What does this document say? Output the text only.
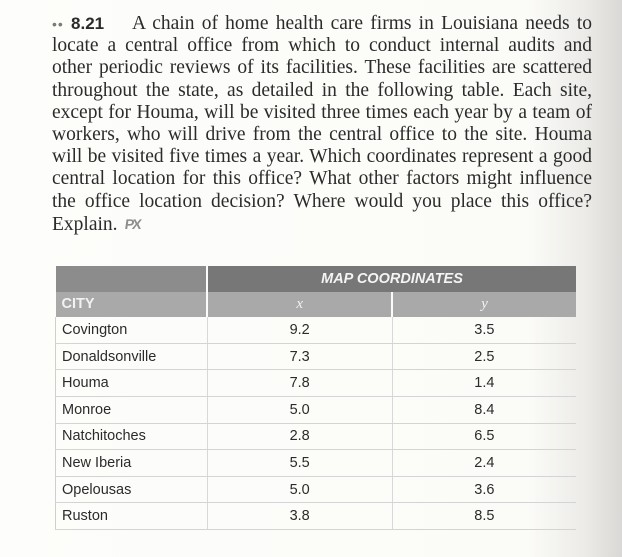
•• 8.21 A chain of home health care firms in Louisiana needs to locate a central office from which to conduct internal audits and other periodic reviews of its facilities. These facilities are scattered throughout the state, as detailed in the following table. Each site, except for Houma, will be visited three times each year by a team of workers, who will drive from the central office to the site. Houma will be visited five times a year. Which coordinates represent a good central location for this office? What other factors might influence the office location decision? Where would you place this office? Explain. PX

	MAP COORDINATES	
CITY	x	y
Covington	9.2	3.5
Donaldsonville	7.3	2.5
Houma	7.8	1.4
Monroe	5.0	8.4
Natchitoches	2.8	6.5
New Iberia	5.5	2.4
Opelousas	5.0	3.6
Ruston	3.8	8.5
